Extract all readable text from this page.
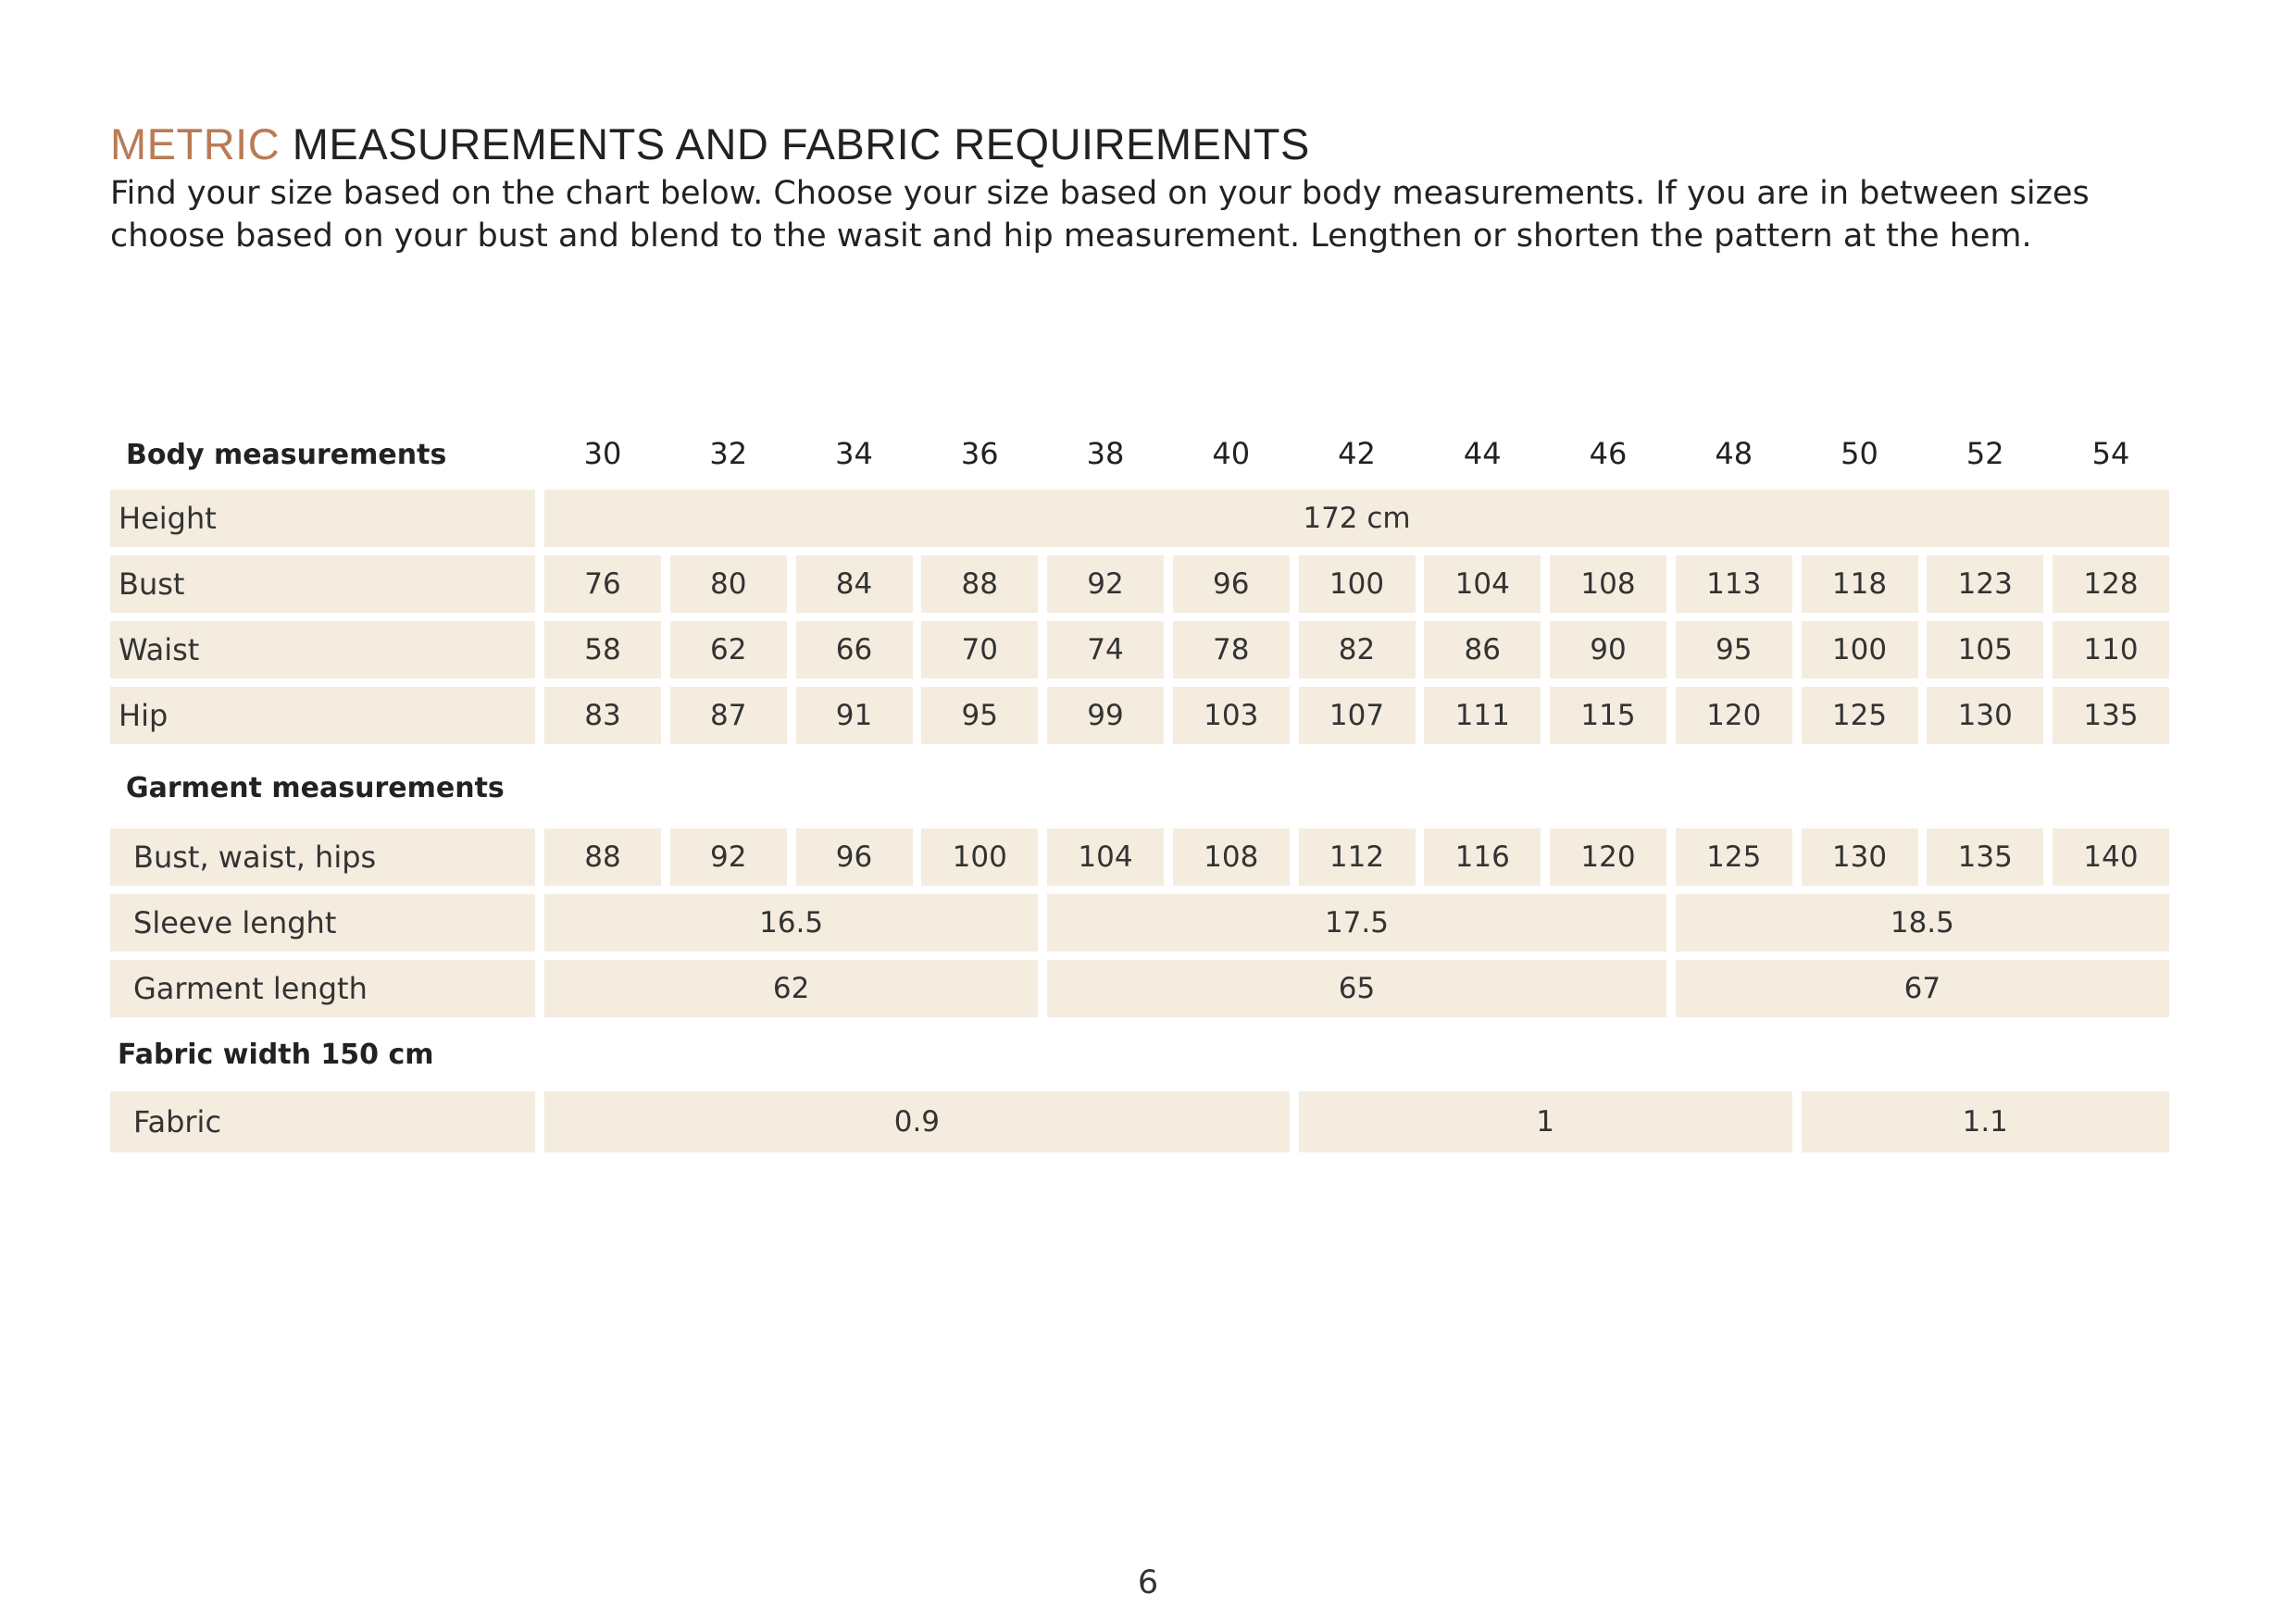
METRIC MEASUREMENTS AND FABRIC REQUIREMENTS

Find your size based on the chart below. Choose your size based on your body measurements. If you are in between sizes choose based on your bust and blend to the wasit and hip measurement. Lengthen or shorten the pattern at the hem.

Body measurements
Garment measurements
Fabric width 150 cm
30	32	34	36	38	40	42	44	46	48	50	52	54
Height	172 cm
Bust	76	80	84	88	92	96	100	104	108	113	118	123	128
Waist	58	62	66	70	74	78	82	86	90	95	100	105	110
Hip	83	87	91	95	99	103	107	111	115	120	125	130	135
Bust, waist, hips	88	92	96	100	104	108	112	116	120	125	130	135	140
Sleeve lenght	16.5	17.5	18.5
Garment length	62	65	67
Fabric	0.9	1	1.1
6
